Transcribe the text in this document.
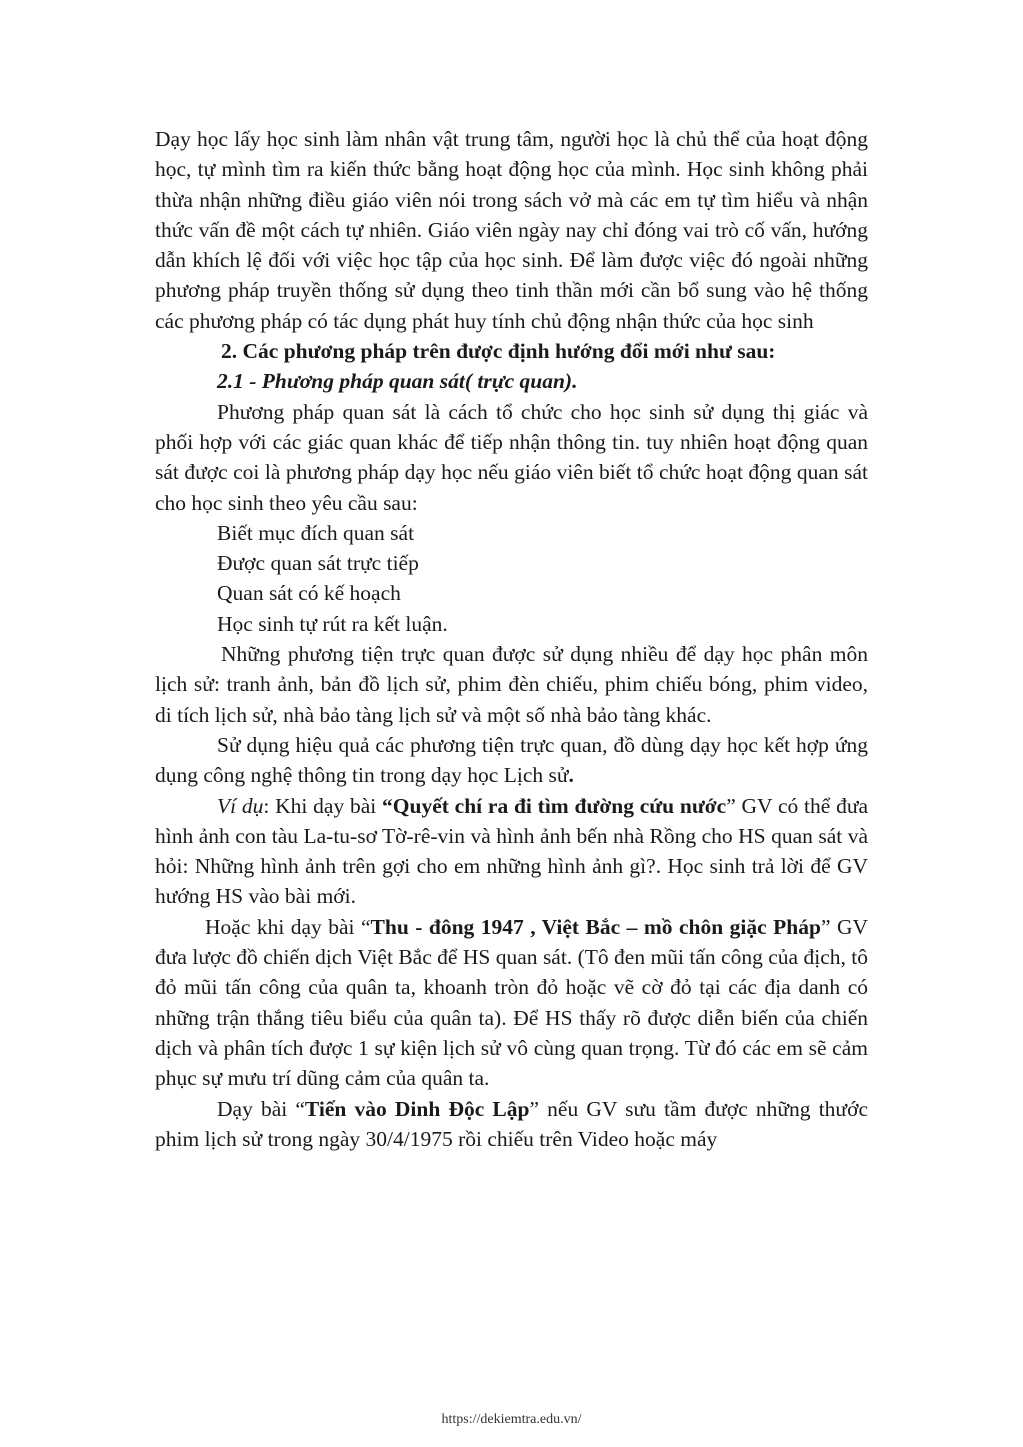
Dạy học lấy học sinh làm nhân vật trung tâm, người học là chủ thể của hoạt động học, tự mình tìm ra kiến thức bằng hoạt động học của mình. Học sinh không phải thừa nhận những điều giáo viên nói trong sách vở mà các em tự tìm hiểu và nhận thức vấn đề một cách tự nhiên. Giáo viên ngày nay chỉ đóng vai trò cố vấn, hướng dẫn khích lệ đối với việc học tập của học sinh. Để làm được việc đó ngoài những phương pháp truyền thống sử dụng theo tinh thần mới cần bổ sung vào hệ thống các phương pháp có tác dụng phát huy tính chủ động nhận thức của học sinh

2. Các phương pháp trên được định hướng đổi mới như sau:

2.1 - Phương pháp quan sát( trực quan).

Phương pháp quan sát là cách tổ chức cho học sinh sử dụng thị giác và phối hợp với các giác quan khác để tiếp nhận thông tin. tuy nhiên hoạt động quan sát được coi là phương pháp dạy học nếu giáo viên biết tổ chức hoạt động quan sát cho học sinh theo yêu cầu sau:

Biết mục đích quan sát

Được quan sát trực tiếp

Quan sát có kế hoạch

Học sinh tự rút ra kết luận.

Những phương tiện trực quan được sử dụng nhiều để dạy học phân môn lịch sử: tranh ảnh, bản đồ lịch sử, phim đèn chiếu, phim chiếu bóng, phim video, di tích lịch sử, nhà bảo tàng lịch sử và một số nhà bảo tàng khác.

Sử dụng hiệu quả các phương tiện trực quan, đồ dùng dạy học kết hợp ứng dụng công nghệ thông tin trong dạy học Lịch sử.

Ví dụ: Khi dạy bài “Quyết chí ra đi tìm đường cứu nước” GV có thể đưa hình ảnh con tàu La-tu-sơ Tờ-rê-vin và hình ảnh bến nhà Rồng cho HS quan sát và hỏi: Những hình ảnh trên gợi cho em những hình ảnh gì?. Học sinh trả lời để GV hướng HS vào bài mới.

Hoặc khi dạy bài “Thu - đông 1947 , Việt Bắc – mồ chôn giặc Pháp” GV đưa lược đồ chiến dịch Việt Bắc để HS quan sát. (Tô đen mũi tấn công của địch, tô đỏ mũi tấn công của quân ta, khoanh tròn đỏ hoặc vẽ cờ đỏ tại các địa danh có những trận thắng tiêu biểu của quân ta). Để HS thấy rõ được diễn biến của chiến dịch và phân tích được 1 sự kiện lịch sử vô cùng quan trọng. Từ đó các em sẽ cảm phục sự mưu trí dũng cảm của quân ta.

Dạy bài “Tiến vào Dinh Độc Lập” nếu GV sưu tầm được những thước phim lịch sử trong ngày 30/4/1975 rồi chiếu trên Video hoặc máy

https://dekiemtra.edu.vn/
